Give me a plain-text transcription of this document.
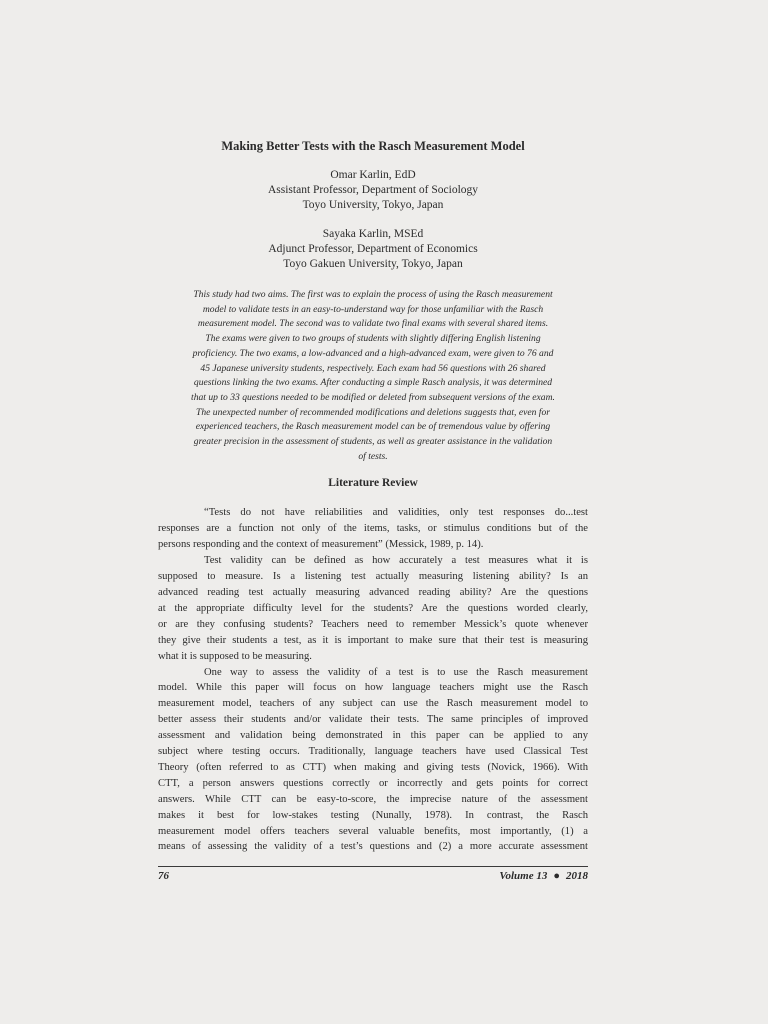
Making Better Tests with the Rasch Measurement Model
Omar Karlin, EdD
Assistant Professor, Department of Sociology
Toyo University, Tokyo, Japan
Sayaka Karlin, MSEd
Adjunct Professor, Department of Economics
Toyo Gakuen University, Tokyo, Japan
This study had two aims. The first was to explain the process of using the Rasch measurement
model to validate tests in an easy-to-understand way for those unfamiliar with the Rasch
measurement model. The second was to validate two final exams with several shared items.
The exams were given to two groups of students with slightly differing English listening
proficiency. The two exams, a low-advanced and a high-advanced exam, were given to 76 and
45 Japanese university students, respectively. Each exam had 56 questions with 26 shared
questions linking the two exams. After conducting a simple Rasch analysis, it was determined
that up to 33 questions needed to be modified or deleted from subsequent versions of the exam.
The unexpected number of recommended modifications and deletions suggests that, even for
experienced teachers, the Rasch measurement model can be of tremendous value by offering
greater precision in the assessment of students, as well as greater assistance in the validation
of tests.
Literature Review

“Tests do not have reliabilities and validities, only test responses do...test
responses are a function not only of the items, tasks, or stimulus conditions but of the
persons responding and the context of measurement” (Messick, 1989, p. 14).

Test validity can be defined as how accurately a test measures what it is
supposed to measure. Is a listening test actually measuring listening ability? Is an
advanced reading test actually measuring advanced reading ability? Are the questions
at the appropriate difficulty level for the students? Are the questions worded clearly,
or are they confusing students? Teachers need to remember Messick’s quote whenever
they give their students a test, as it is important to make sure that their test is measuring
what it is supposed to be measuring.

One way to assess the validity of a test is to use the Rasch measurement
model. While this paper will focus on how language teachers might use the Rasch
measurement model, teachers of any subject can use the Rasch measurement model to
better assess their students and/or validate their tests. The same principles of improved
assessment and validation being demonstrated in this paper can be applied to any
subject where testing occurs. Traditionally, language teachers have used Classical Test
Theory (often referred to as CTT) when making and giving tests (Novick, 1966). With
CTT, a person answers questions correctly or incorrectly and gets points for correct
answers. While CTT can be easy-to-score, the imprecise nature of the assessment
makes it best for low-stakes testing (Nunally, 1978). In contrast, the Rasch
measurement model offers teachers several valuable benefits, most importantly, (1) a
means of assessing the validity of a test’s questions and (2) a more accurate assessment

76	Volume 13 ● 2018
